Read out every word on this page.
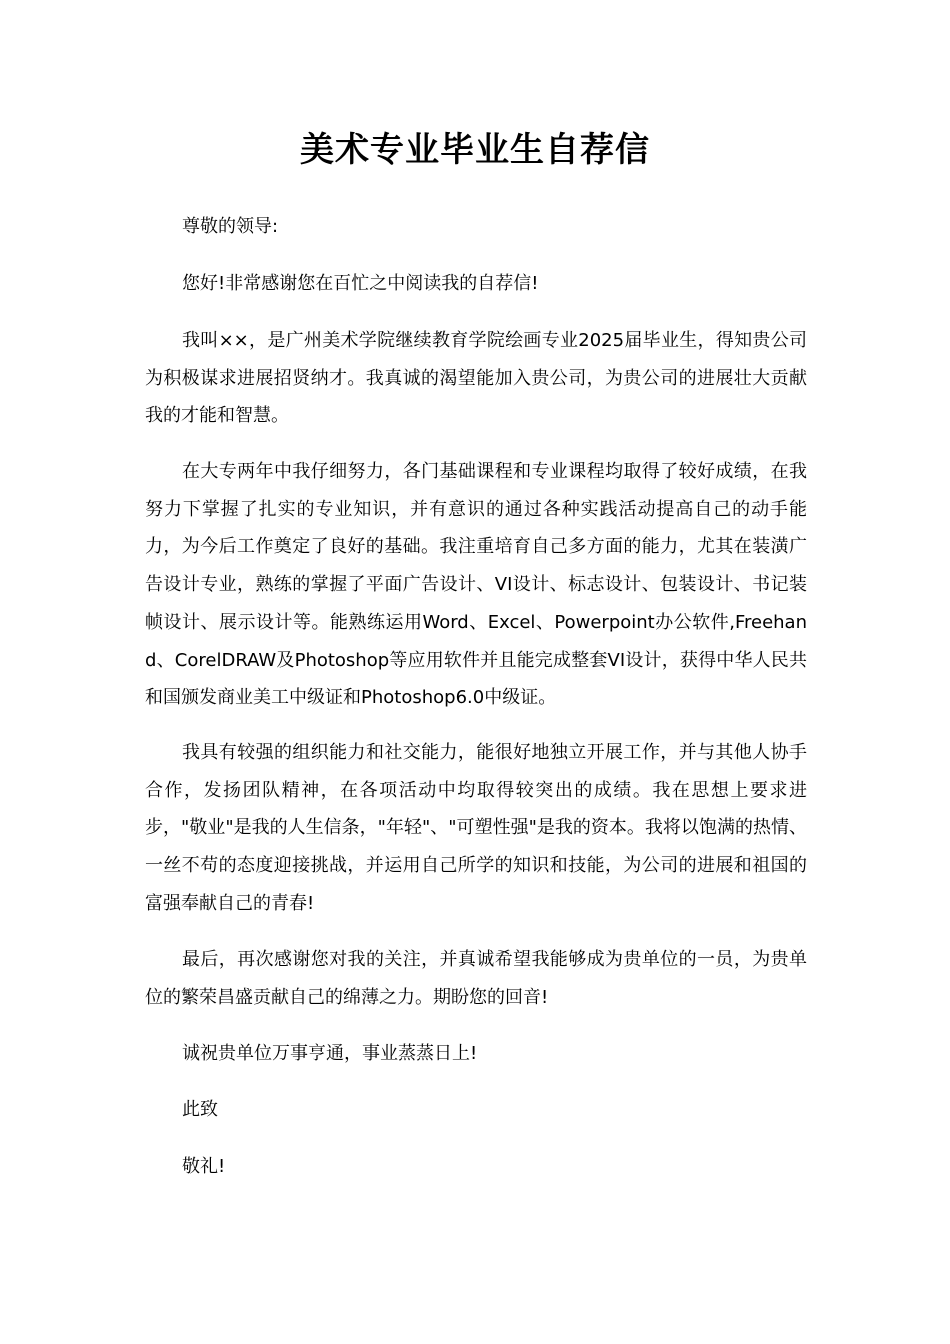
美术专业毕业生自荐信

尊敬的领导:

您好!非常感谢您在百忙之中阅读我的自荐信!

我叫××，是广州美术学院继续教育学院绘画专业2025届毕业生，得知贵公司为积极谋求进展招贤纳才。我真诚的渴望能加入贵公司，为贵公司的进展壮大贡献我的才能和智慧。

在大专两年中我仔细努力，各门基础课程和专业课程均取得了较好成绩，在我努力下掌握了扎实的专业知识，并有意识的通过各种实践活动提高自己的动手能力，为今后工作奠定了良好的基础。我注重培育自己多方面的能力，尤其在装潢广告设计专业，熟练的掌握了平面广告设计、VI设计、标志设计、包装设计、书记装帧设计、展示设计等。能熟练运用Word、Excel、Powerpoint办公软件,Freehand、CorelDRAW及Photoshop等应用软件并且能完成整套VI设计，获得中华人民共和国颁发商业美工中级证和Photoshop6.0中级证。

我具有较强的组织能力和社交能力，能很好地独立开展工作，并与其他人协手合作，发扬团队精神，在各项活动中均取得较突出的成绩。我在思想上要求进步，"敬业"是我的人生信条，"年轻"、"可塑性强"是我的资本。我将以饱满的热情、一丝不苟的态度迎接挑战，并运用自己所学的知识和技能，为公司的进展和祖国的富强奉献自己的青春!

最后，再次感谢您对我的关注，并真诚希望我能够成为贵单位的一员，为贵单位的繁荣昌盛贡献自己的绵薄之力。期盼您的回音!

诚祝贵单位万事亨通，事业蒸蒸日上!

此致

敬礼!
